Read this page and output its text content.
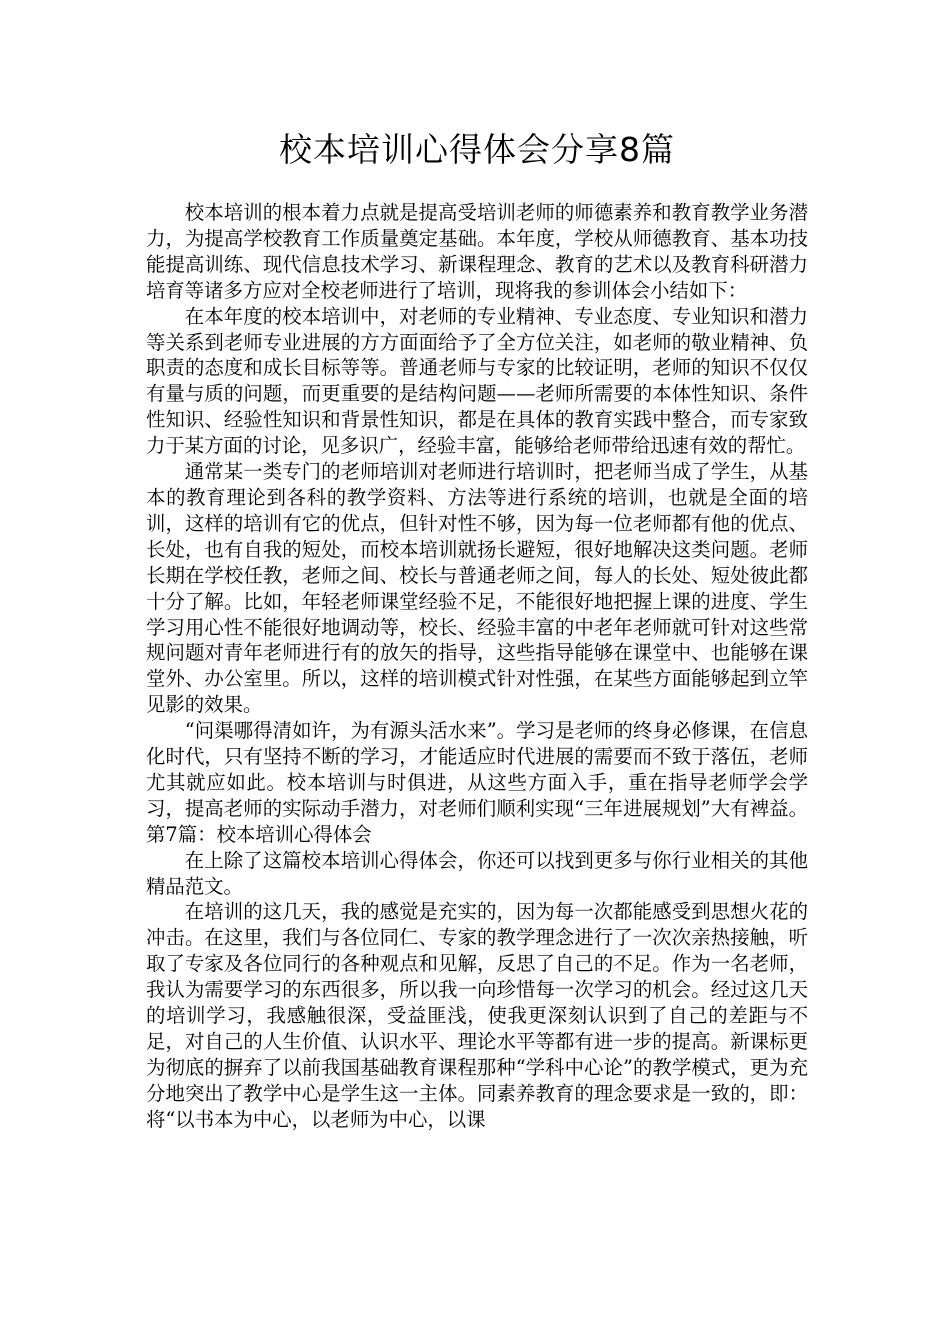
校本培训心得体会分享8篇

校本培训的根本着力点就是提高受培训老师的师德素养和教育教学业务潜力，为提高学校教育工作质量奠定基础。本年度，学校从师德教育、基本功技能提高训练、现代信息技术学习、新课程理念、教育的艺术以及教育科研潜力培育等诸多方应对全校老师进行了培训，现将我的参训体会小结如下：

在本年度的校本培训中，对老师的专业精神、专业态度、专业知识和潜力等关系到老师专业进展的方方面面给予了全方位关注，如老师的敬业精神、负职责的态度和成长目标等等。普通老师与专家的比较证明，老师的知识不仅仅有量与质的问题，而更重要的是结构问题——老师所需要的本体性知识、条件性知识、经验性知识和背景性知识，都是在具体的教育实践中整合，而专家致力于某方面的讨论，见多识广，经验丰富，能够给老师带给迅速有效的帮忙。

通常某一类专门的老师培训对老师进行培训时，把老师当成了学生，从基本的教育理论到各科的教学资料、方法等进行系统的培训，也就是全面的培训，这样的培训有它的优点，但针对性不够，因为每一位老师都有他的优点、长处，也有自我的短处，而校本培训就扬长避短，很好地解决这类问题。老师长期在学校任教，老师之间、校长与普通老师之间，每人的长处、短处彼此都十分了解。比如，年轻老师课堂经验不足，不能很好地把握上课的进度、学生学习用心性不能很好地调动等，校长、经验丰富的中老年老师就可针对这些常规问题对青年老师进行有的放矢的指导，这些指导能够在课堂中、也能够在课堂外、办公室里。所以，这样的培训模式针对性强，在某些方面能够起到立竿见影的效果。

“问渠哪得清如许，为有源头活水来”。学习是老师的终身必修课，在信息化时代，只有坚持不断的学习，才能适应时代进展的需要而不致于落伍，老师尤其就应如此。校本培训与时俱进，从这些方面入手，重在指导老师学会学习，提高老师的实际动手潜力，对老师们顺利实现“三年进展规划”大有裨益。第7篇：校本培训心得体会

在上除了这篇校本培训心得体会，你还可以找到更多与你行业相关的其他精品范文。

在培训的这几天，我的感觉是充实的，因为每一次都能感受到思想火花的冲击。在这里，我们与各位同仁、专家的教学理念进行了一次次亲热接触，听取了专家及各位同行的各种观点和见解，反思了自己的不足。作为一名老师，我认为需要学习的东西很多，所以我一向珍惜每一次学习的机会。经过这几天的培训学习，我感触很深，受益匪浅，使我更深刻认识到了自己的差距与不足，对自己的人生价值、认识水平、理论水平等都有进一步的提高。新课标更为彻底的摒弃了以前我国基础教育课程那种“学科中心论”的教学模式，更为充分地突出了教学中心是学生这一主体。同素养教育的理念要求是一致的，即：将“以书本为中心，以老师为中心，以课
